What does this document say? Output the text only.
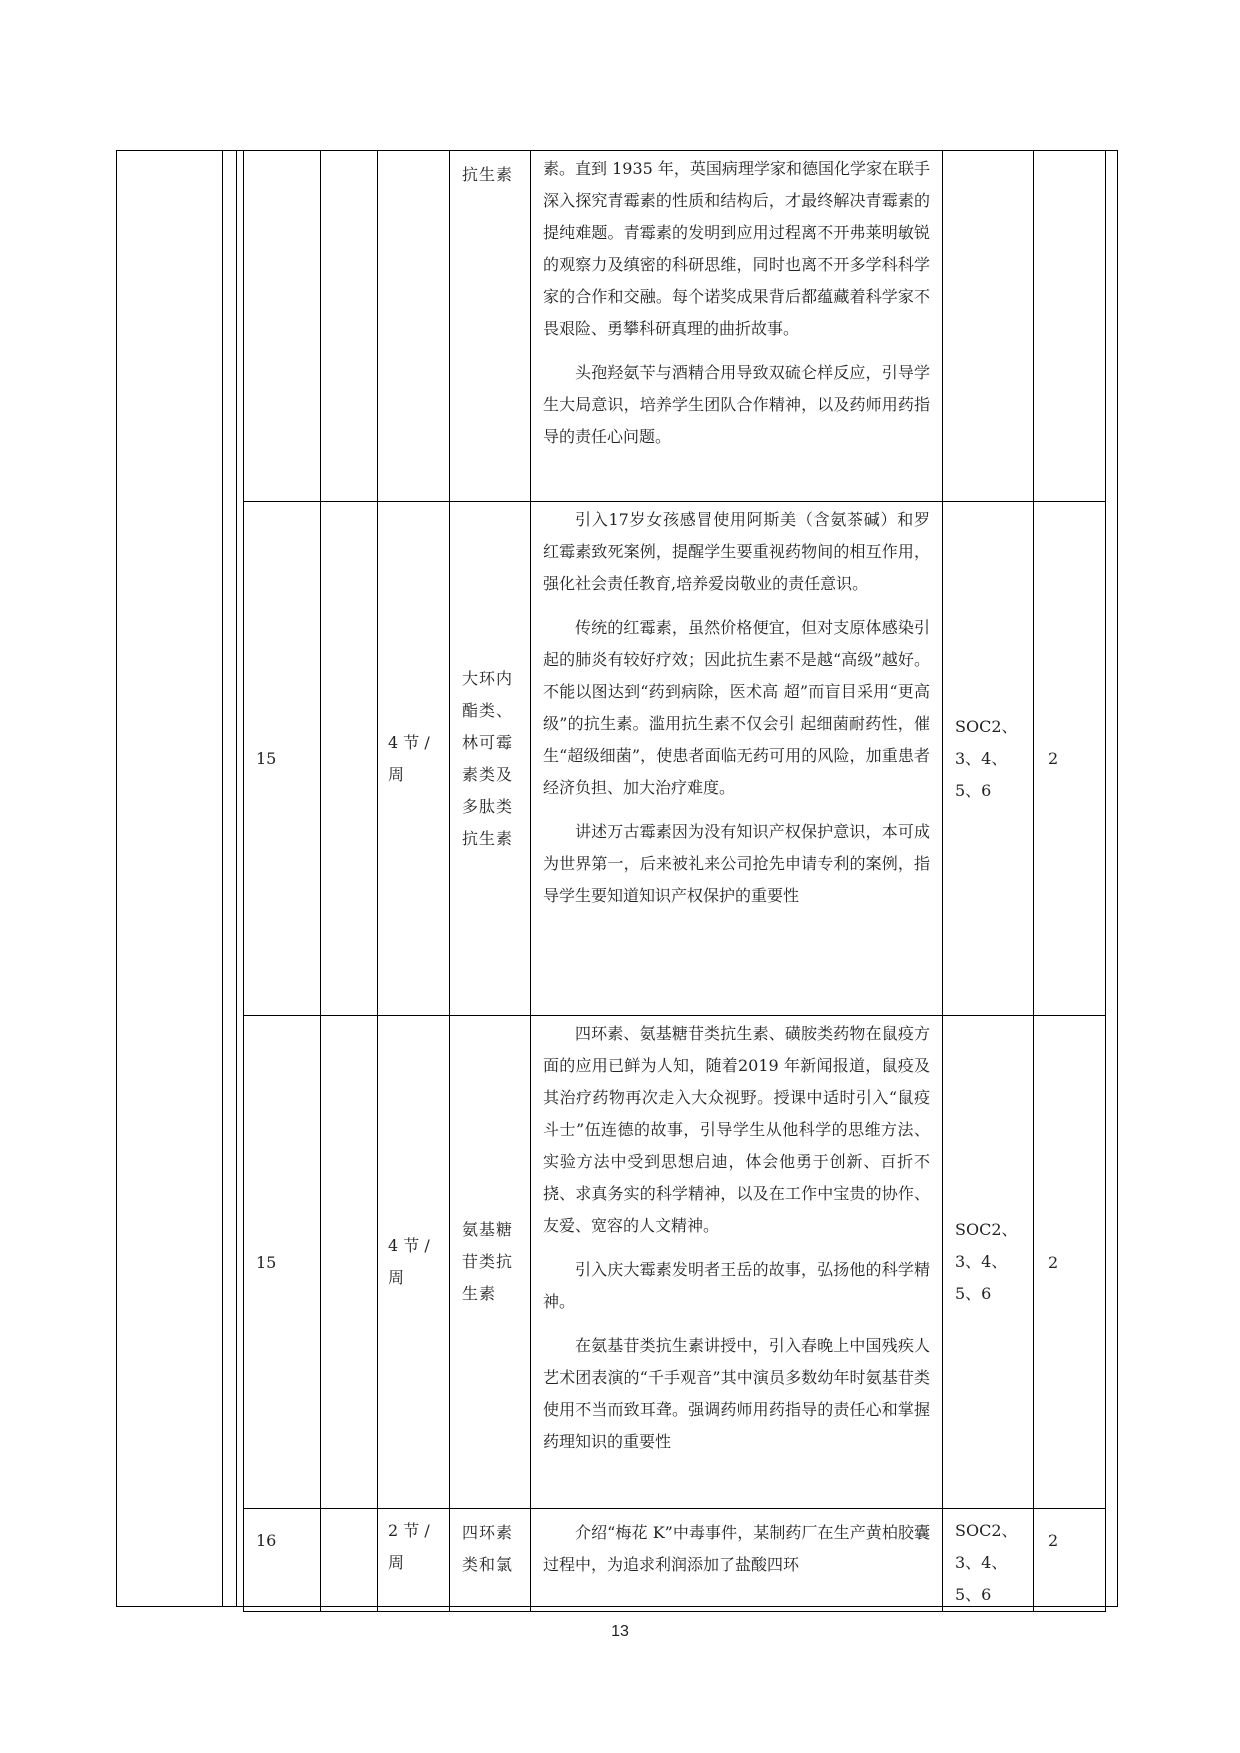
			抗生素	素。直到 1935 年，英国病理学家和德国化学家在联手深入探究青霉素的性质和结构后，才最终解决青霉素的提纯难题。青霉素的发明到应用过程离不开弗莱明敏锐的观察力及缜密的科研思维，同时也离不开多学科科学家的合作和交融。每个诺奖成果背后都蕴藏着科学家不畏艰险、勇攀科研真理的曲折故事。

头孢羟氨苄与酒精合用导致双硫仑样反应，引导学生大局意识，培养学生团队合作精神，以及药师用药指导的责任心问题。		

15		4 节 / 周	大环内酯类、林可霉素类及多肽类抗生素	引入17岁女孩感冒使用阿斯美（含氨茶碱）和罗红霉素致死案例，提醒学生要重视药物间的相互作用，强化社会责任教育,培养爱岗敬业的责任意识。

传统的红霉素，虽然价格便宜，但对支原体感染引起的肺炎有较好疗效；因此抗生素不是越“高级”越好。不能以图达到“药到病除，医术高 超”而盲目采用“更高级”的抗生素。滥用抗生素不仅会引 起细菌耐药性，催生“超级细菌”，使患者面临无药可用的风险，加重患者经济负担、加大治疗难度。

讲述万古霉素因为没有知识产权保护意识，本可成为世界第一，后来被礼来公司抢先申请专利的案例，指导学生要知道知识产权保护的重要性	SOC2、3、4、5、6	2

15		4 节 / 周	氨基糖苷类抗生素	四环素、氨基糖苷类抗生素、磺胺类药物在鼠疫方面的应用已鲜为人知，随着2019 年新闻报道，鼠疫及其治疗药物再次走入大众视野。授课中适时引入“鼠疫斗士”伍连德的故事，引导学生从他科学的思维方法、实验方法中受到思想启迪，体会他勇于创新、百折不挠、求真务实的科学精神，以及在工作中宝贵的协作、友爱、宽容的人文精神。

引入庆大霉素发明者王岳的故事，弘扬他的科学精神。

在氨基苷类抗生素讲授中，引入春晚上中国残疾人艺术团表演的“千手观音”其中演员多数幼年时氨基苷类使用不当而致耳聋。强调药师用药指导的责任心和掌握药理知识的重要性	SOC2、3、4、5、6	2

16		2 节 / 周	四环素类和氯	介绍“梅花 K”中毒事件，某制药厂在生产黄柏胶囊过程中，为追求利润添加了盐酸四环	SOC2、3、4、5、6	2
13
